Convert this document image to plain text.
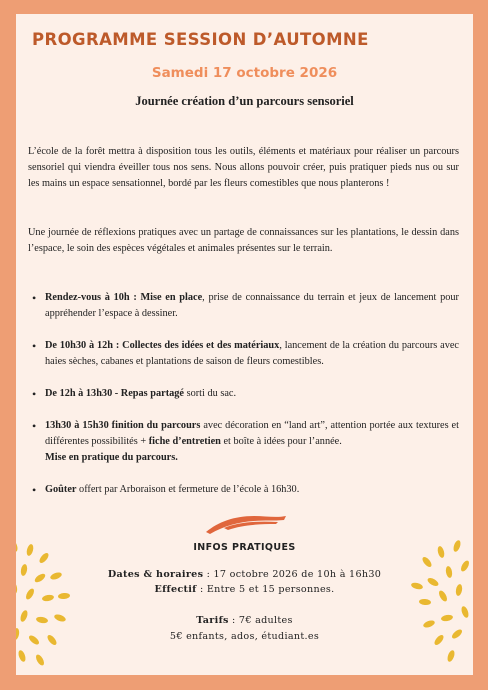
PROGRAMME SESSION D’AUTOMNE
Samedi 17 octobre 2026
Journée création d’un parcours sensoriel
L’école de la forêt mettra à disposition tous les outils, éléments et matériaux pour réaliser un parcours sensoriel qui viendra éveiller tous nos sens. Nous allons pouvoir créer, puis pratiquer pieds nus ou sur les mains un espace sensationnel, bordé par les fleurs comestibles que nous planterons !
Une journée de réflexions pratiques avec un partage de connaissances sur les plantations, le dessin dans l’espace, le soin des espèces végétales et animales présentes sur le terrain.
• Rendez-vous à 10h : Mise en place, prise de connaissance du terrain et jeux de lancement pour appréhender l’espace à dessiner.
• De 10h30 à 12h : Collectes des idées et des matériaux, lancement de la création du parcours avec haies sèches, cabanes et plantations de saison de fleurs comestibles.
• De 12h à 13h30 - Repas partagé sorti du sac.
• 13h30 à 15h30 finition du parcours avec décoration en “land art”, attention portée aux textures et différentes possibilités + fiche d’entretien et boîte à idées pour l’année.
Mise en pratique du parcours.
• Goûter offert par Arboraison et fermeture de l’école à 16h30.
INFOS PRATIQUES
Dates & horaires : 17 octobre 2026 de 10h à 16h30
Effectif : Entre 5 et 15 personnes.
Tarifs : 7€ adultes
5€ enfants, ados, étudiant.es
